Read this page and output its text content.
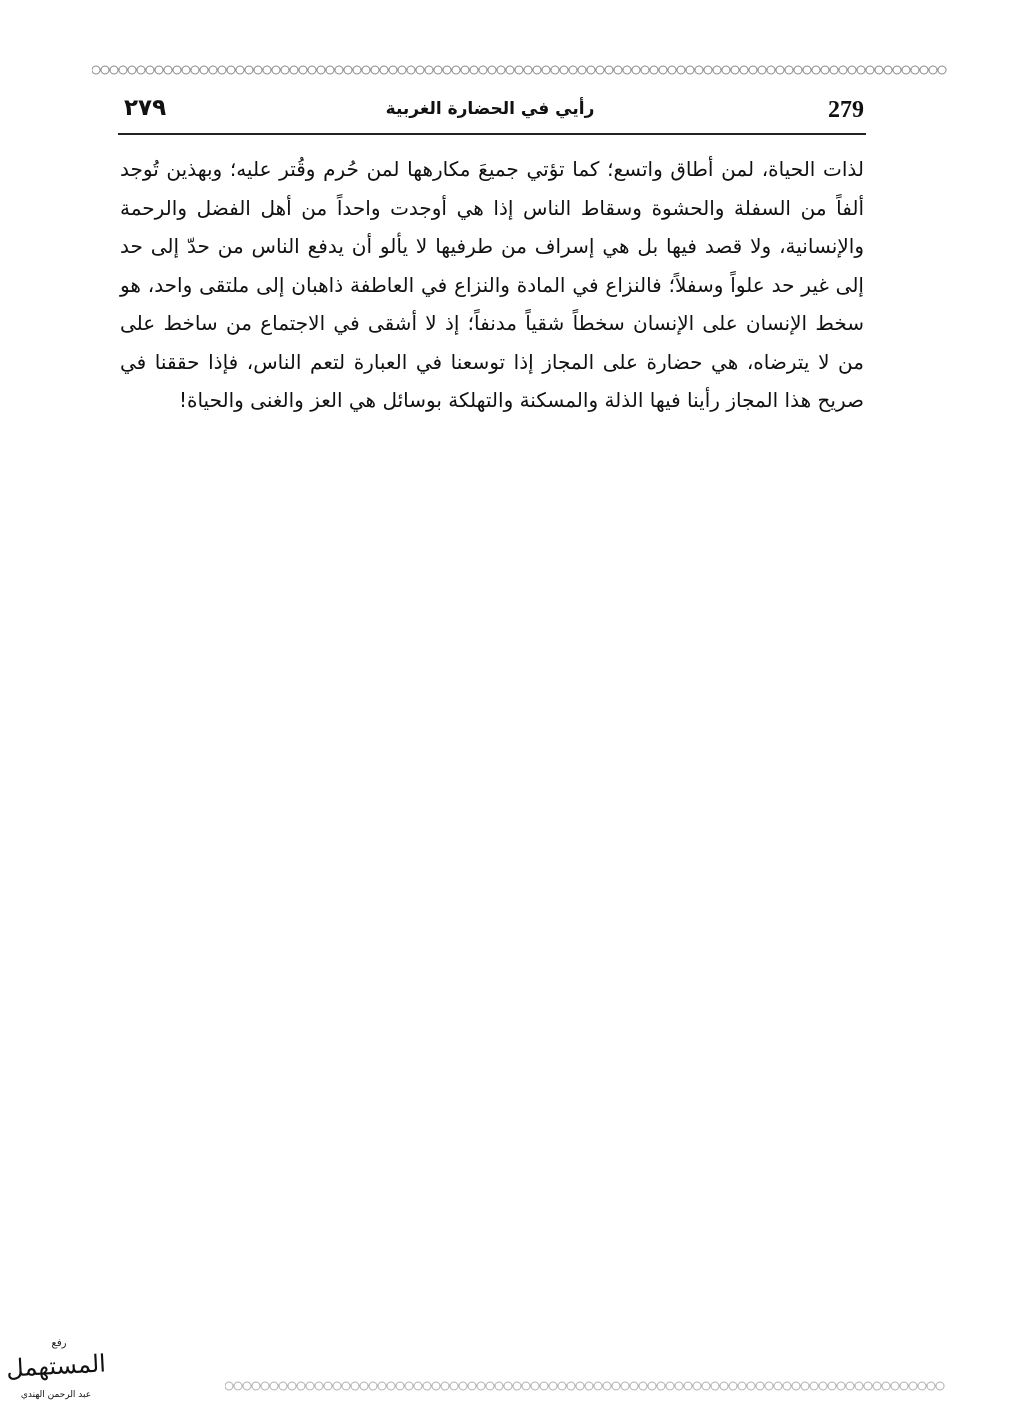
٢٧٩	رأيي في الحضارة الغربية	279

لذات الحياة، لمن أطاق واتسع؛ كما تؤتي جميعَ مكارهها لمن حُرم وقُتر عليه؛ وبهذين تُوجد ألفاً من السفلة والحشوة وسقاط الناس إذا هي أوجدت واحداً من أهل الفضل والرحمة والإنسانية، ولا قصد فيها بل هي إسراف من طرفيها لا يألو أن يدفع الناس من حدّ إلى حد إلى غير حد علواً وسفلاً؛ فالنزاع في المادة والنزاع في العاطفة ذاهبان إلى ملتقى واحد، هو سخط الإنسان على الإنسان سخطاً شقياً مدنفاً؛ إذ لا أشقى في الاجتماع من ساخط على من لا يترضاه، هي حضارة على المجاز إذا توسعنا في العبارة لتعم الناس، فإذا حققنا في صريح هذا المجاز رأينا فيها الذلة والمسكنة والتهلكة بوسائل هي العز والغنى والحياة!

رفع
المستهمل
عبد الرحمن الهندي
